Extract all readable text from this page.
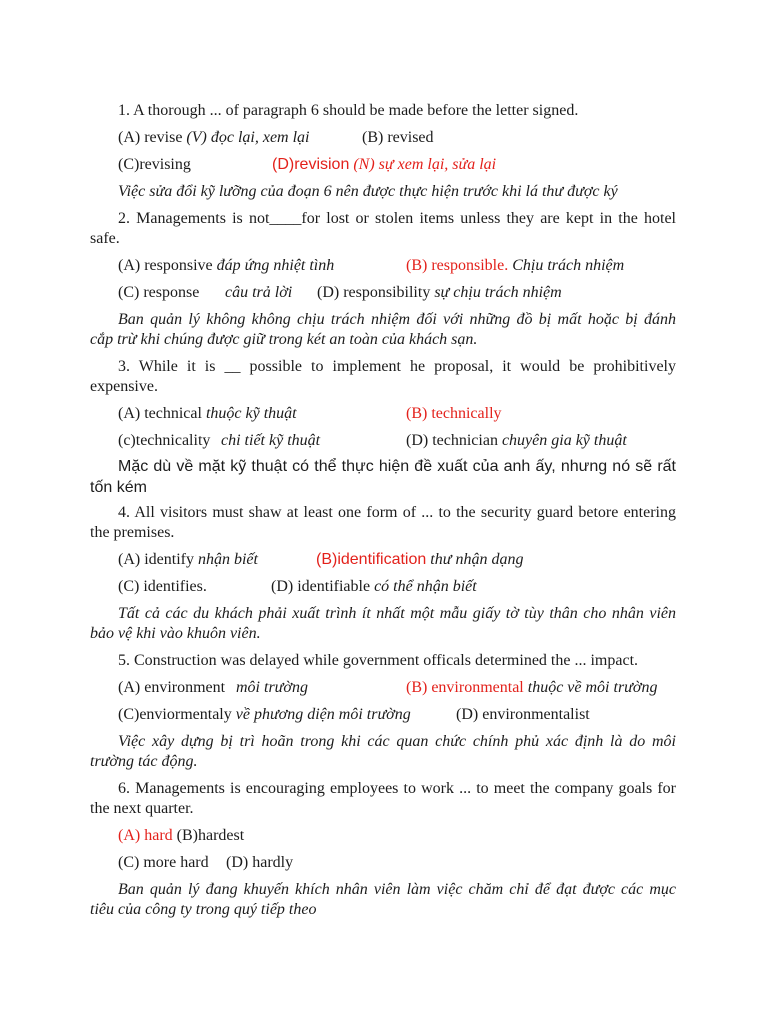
1. A thorough ... of paragraph 6 should be made before the letter signed.
(A) revise (V) đọc lại, xem lại	(B) revised
(C)revising	(D)revision (N) sự xem lại, sửa lại
Việc sửa đổi kỹ lưỡng của đoạn 6 nên được thực hiện trước khi lá thư được ký
2. Managements is not____for lost or stolen items unless they are kept in the hotel
safe.
(A) responsive đáp ứng nhiệt tình	(B) responsible. Chịu trách nhiệm
(C) response câu trả lời (D) responsibility sự chịu trách nhiệm
Ban quản lý không không chịu trách nhiệm đối với những đồ bị mất hoặc bị đánh
cắp trừ khi chúng được giữ trong két an toàn của khách sạn.
3. While it is __ possible to implement he proposal, it would be prohibitively
expensive.
(A) technical thuộc kỹ thuật	(B) technically
(c)technicality chi tiết kỹ thuật	(D) technician chuyên gia kỹ thuật
Mặc dù về mặt kỹ thuật có thể thực hiện đề xuất của anh ấy, nhưng nó sẽ rất
tốn kém
4. All visitors must shaw at least one form of ... to the security guard betore entering
the premises.
(A) identify nhận biết	(B)identification thư nhận dạng
(C) identifies.	(D) identifiable có thể nhận biết
Tất cả các du khách phải xuất trình ít nhất một mẫu giấy tờ tùy thân cho nhân viên
bảo vệ khi vào khuôn viên.
5. Construction was delayed while government officals determined the ... impact.
(A) environment môi trường	(B) environmental thuộc về môi trường
(C)enviormentaly về phương diện môi trường	(D) environmentalist
Việc xây dựng bị trì hoãn trong khi các quan chức chính phủ xác định là do môi
trường tác động.
6. Managements is encouraging employees to work ... to meet the company goals for
the next quarter.
(A) hard (B)hardest
(C) more hard (D) hardly
Ban quản lý đang khuyến khích nhân viên làm việc chăm chỉ để đạt được các mục
tiêu của công ty trong quý tiếp theo
